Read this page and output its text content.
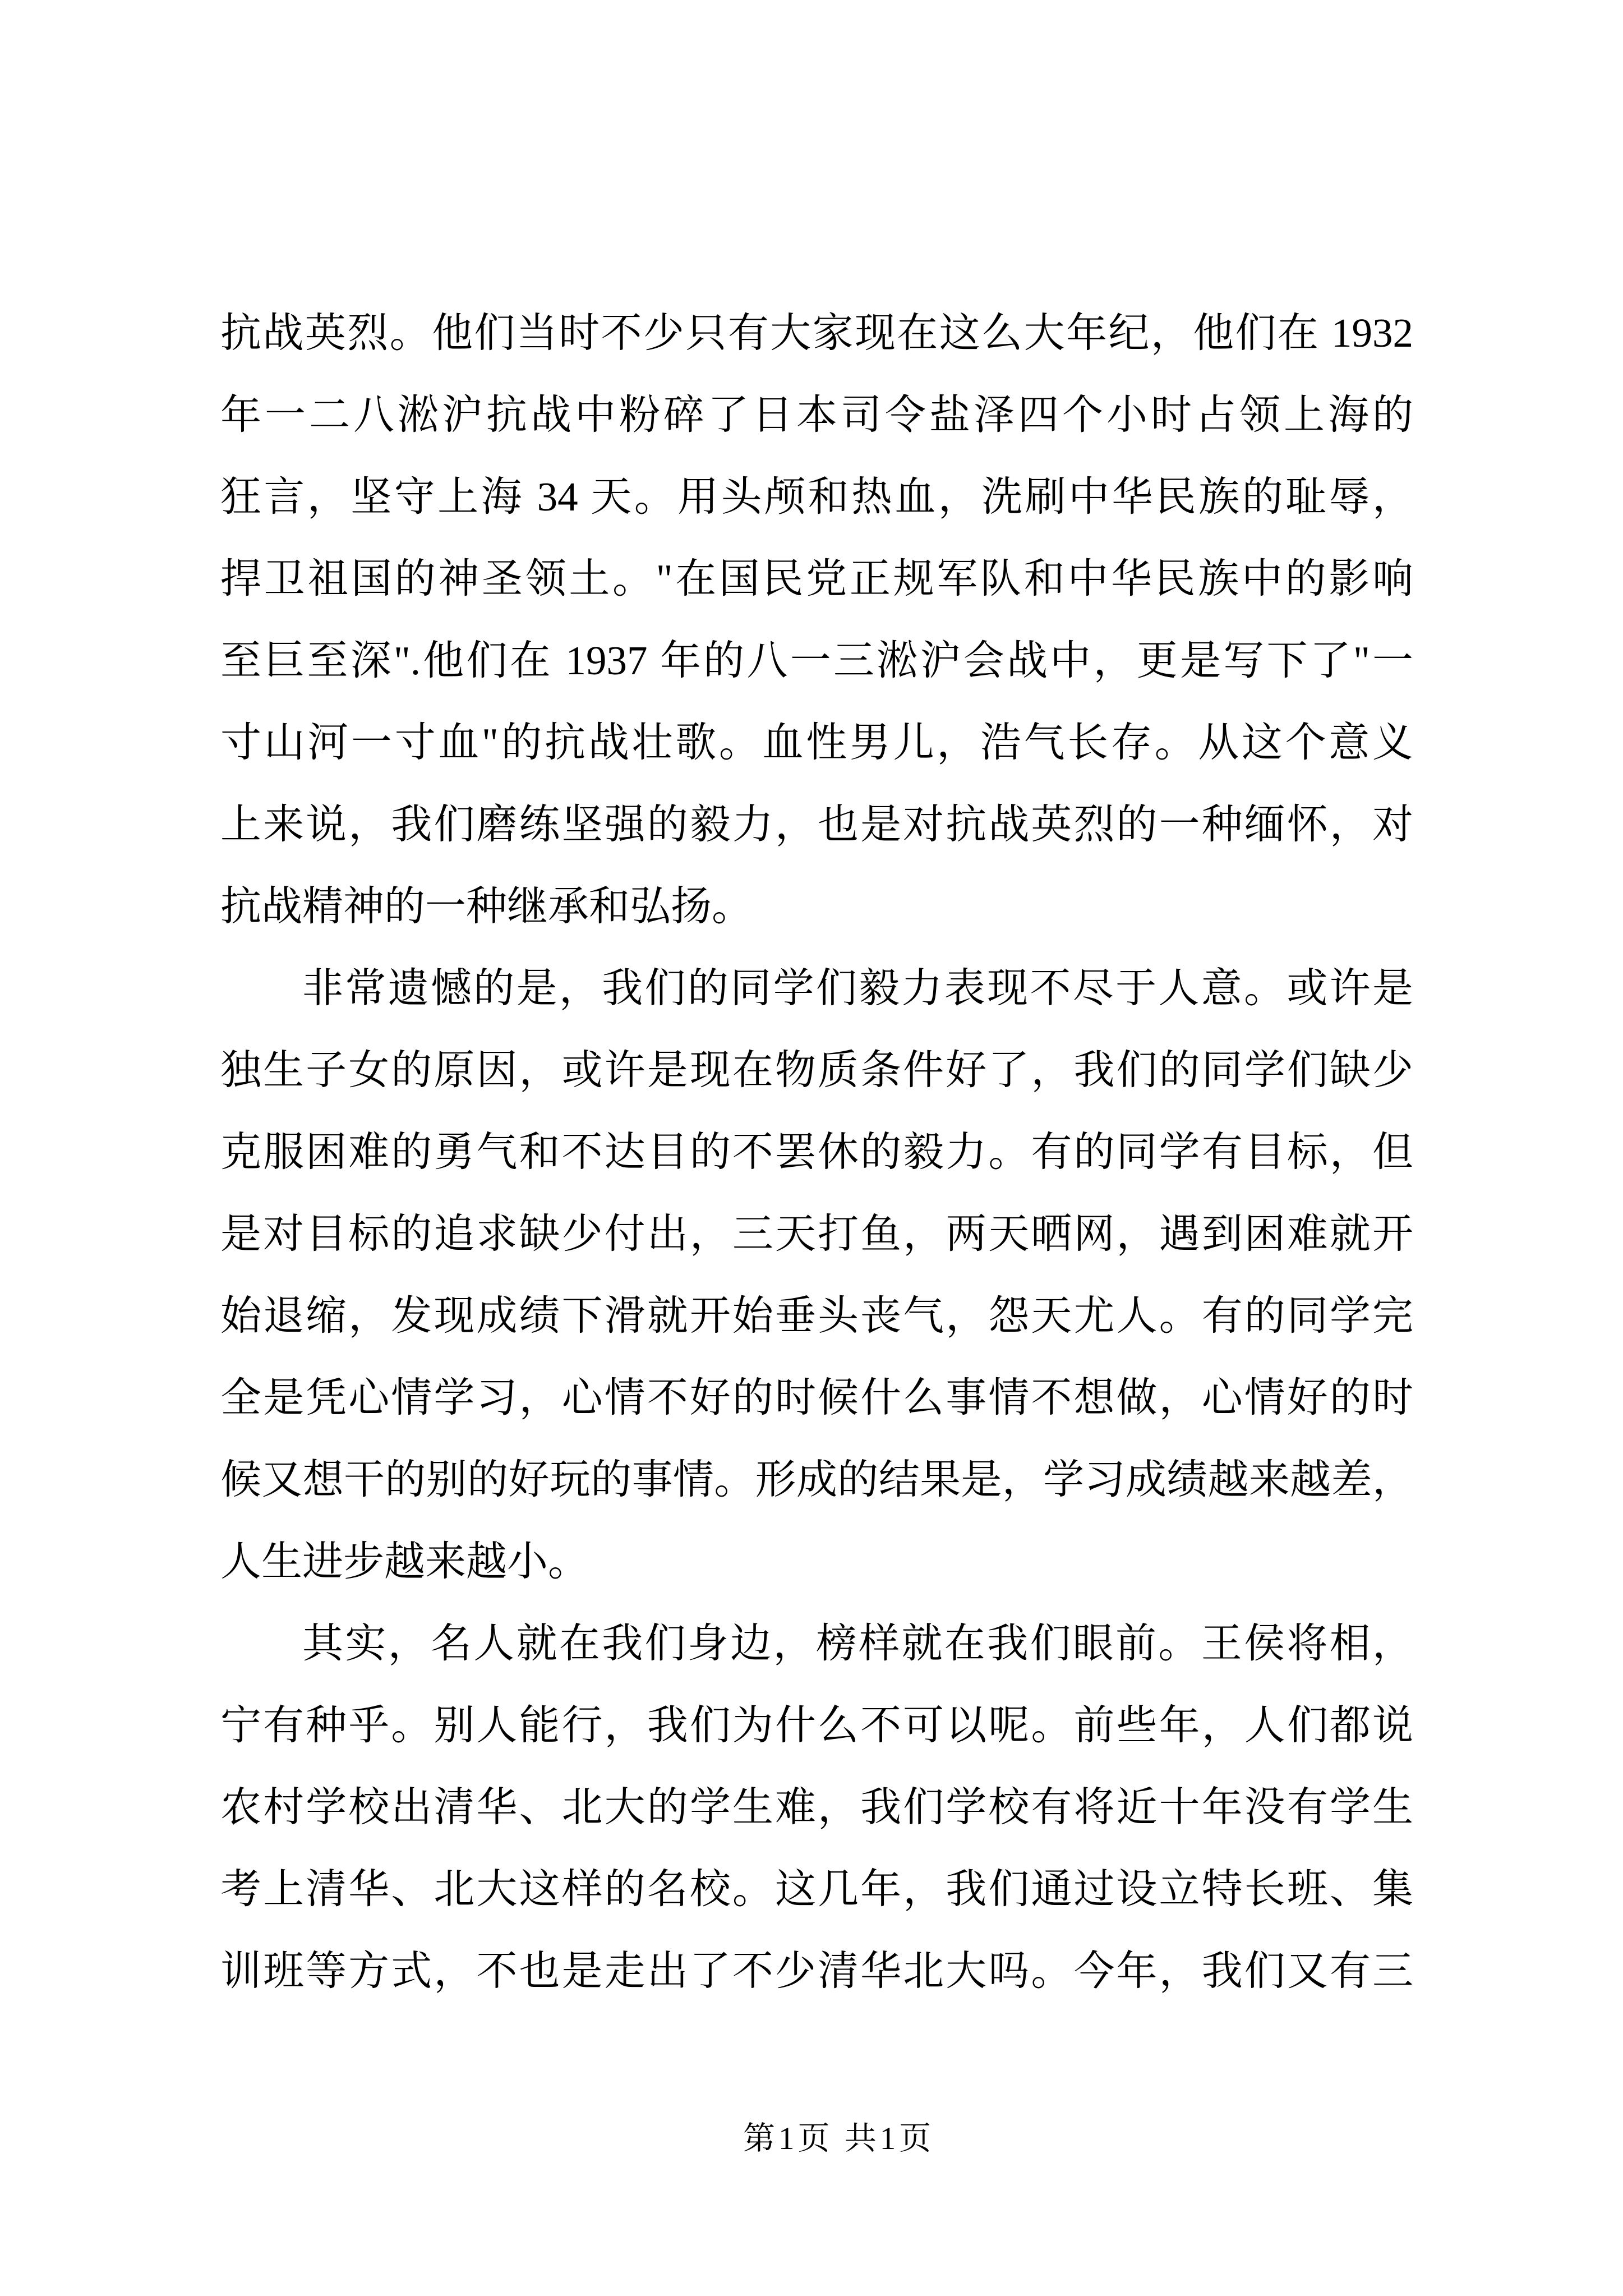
抗战英烈。他们当时不少只有大家现在这么大年纪，他们在 1932
年一二八淞沪抗战中粉碎了日本司令盐泽四个小时占领上海的
狂言，坚守上海 34 天。用头颅和热血，洗刷中华民族的耻辱，
捍卫祖国的神圣领土。"在国民党正规军队和中华民族中的影响
至巨至深".他们在 1937 年的八一三淞沪会战中，更是写下了"一
寸山河一寸血"的抗战壮歌。血性男儿，浩气长存。从这个意义
上来说，我们磨练坚强的毅力，也是对抗战英烈的一种缅怀，对
抗战精神的一种继承和弘扬。
非常遗憾的是，我们的同学们毅力表现不尽于人意。或许是
独生子女的原因，或许是现在物质条件好了，我们的同学们缺少
克服困难的勇气和不达目的不罢休的毅力。有的同学有目标，但
是对目标的追求缺少付出，三天打鱼，两天晒网，遇到困难就开
始退缩，发现成绩下滑就开始垂头丧气，怨天尤人。有的同学完
全是凭心情学习，心情不好的时候什么事情不想做，心情好的时
候又想干的别的好玩的事情。形成的结果是，学习成绩越来越差，
人生进步越来越小。
其实，名人就在我们身边，榜样就在我们眼前。王侯将相，
宁有种乎。别人能行，我们为什么不可以呢。前些年，人们都说
农村学校出清华、北大的学生难，我们学校有将近十年没有学生
考上清华、北大这样的名校。这几年，我们通过设立特长班、集
训班等方式，不也是走出了不少清华北大吗。今年，我们又有三
第1页 共1页
